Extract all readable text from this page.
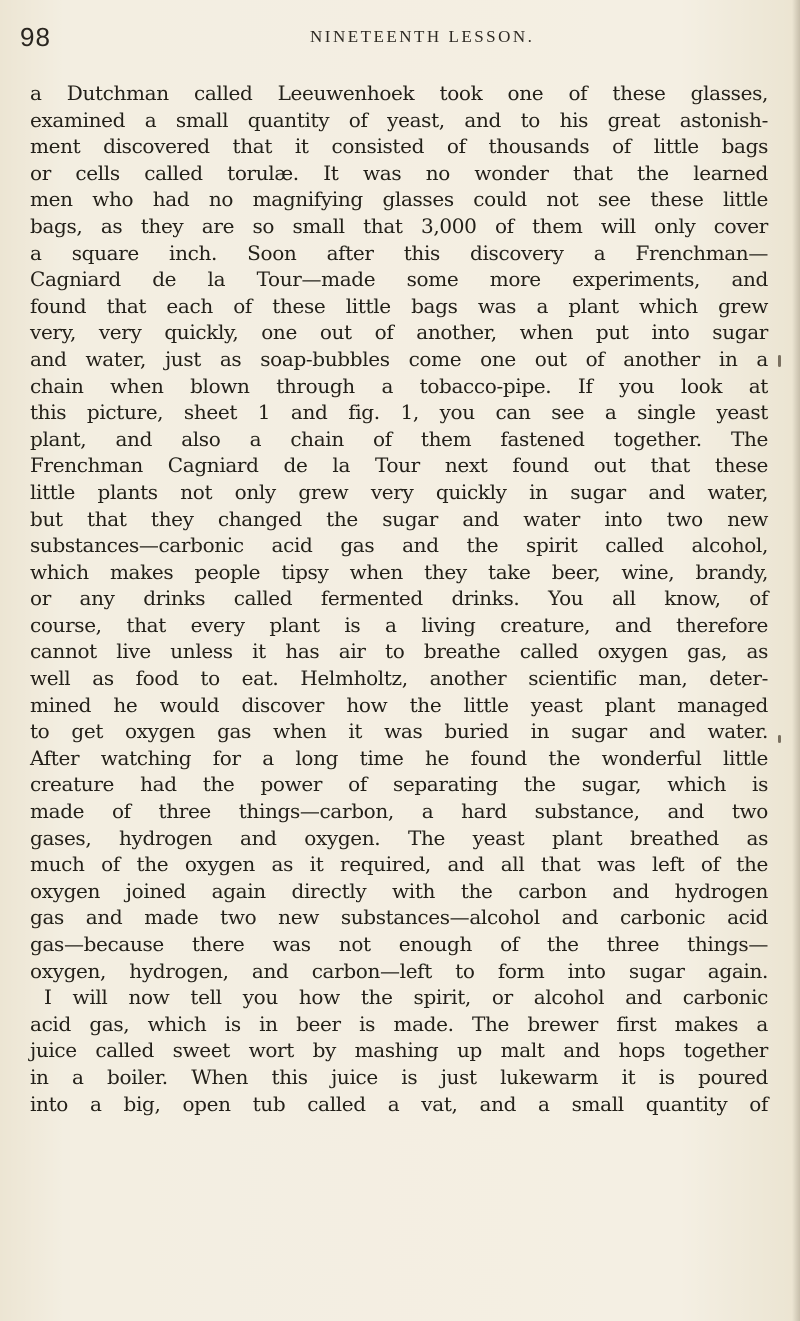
98	NINETEENTH LESSON.
a Dutchman called Leeuwenhoek took one of these glasses,
examined a small quantity of yeast, and to his great astonish-
ment discovered that it consisted of thousands of little bags
or cells called torulæ. It was no wonder that the learned
men who had no magnifying glasses could not see these little
bags, as they are so small that 3,000 of them will only cover
a square inch. Soon after this discovery a Frenchman—
Cagniard de la Tour—made some more experiments, and
found that each of these little bags was a plant which grew
very, very quickly, one out of another, when put into sugar
and water, just as soap-bubbles come one out of another in a
chain when blown through a tobacco-pipe. If you look at
this picture, sheet 1 and fig. 1, you can see a single yeast
plant, and also a chain of them fastened together. The
Frenchman Cagniard de la Tour next found out that these
little plants not only grew very quickly in sugar and water,
but that they changed the sugar and water into two new
substances—carbonic acid gas and the spirit called alcohol,
which makes people tipsy when they take beer, wine, brandy,
or any drinks called fermented drinks. You all know, of
course, that every plant is a living creature, and therefore
cannot live unless it has air to breathe called oxygen gas, as
well as food to eat. Helmholtz, another scientific man, deter-
mined he would discover how the little yeast plant managed
to get oxygen gas when it was buried in sugar and water.
After watching for a long time he found the wonderful little
creature had the power of separating the sugar, which is
made of three things—carbon, a hard substance, and two
gases, hydrogen and oxygen. The yeast plant breathed as
much of the oxygen as it required, and all that was left of the
oxygen joined again directly with the carbon and hydrogen
gas and made two new substances—alcohol and carbonic acid
gas—because there was not enough of the three things—
oxygen, hydrogen, and carbon—left to form into sugar again.
I will now tell you how the spirit, or alcohol and carbonic
acid gas, which is in beer is made. The brewer first makes a
juice called sweet wort by mashing up malt and hops together
in a boiler. When this juice is just lukewarm it is poured
into a big, open tub called a vat, and a small quantity of
